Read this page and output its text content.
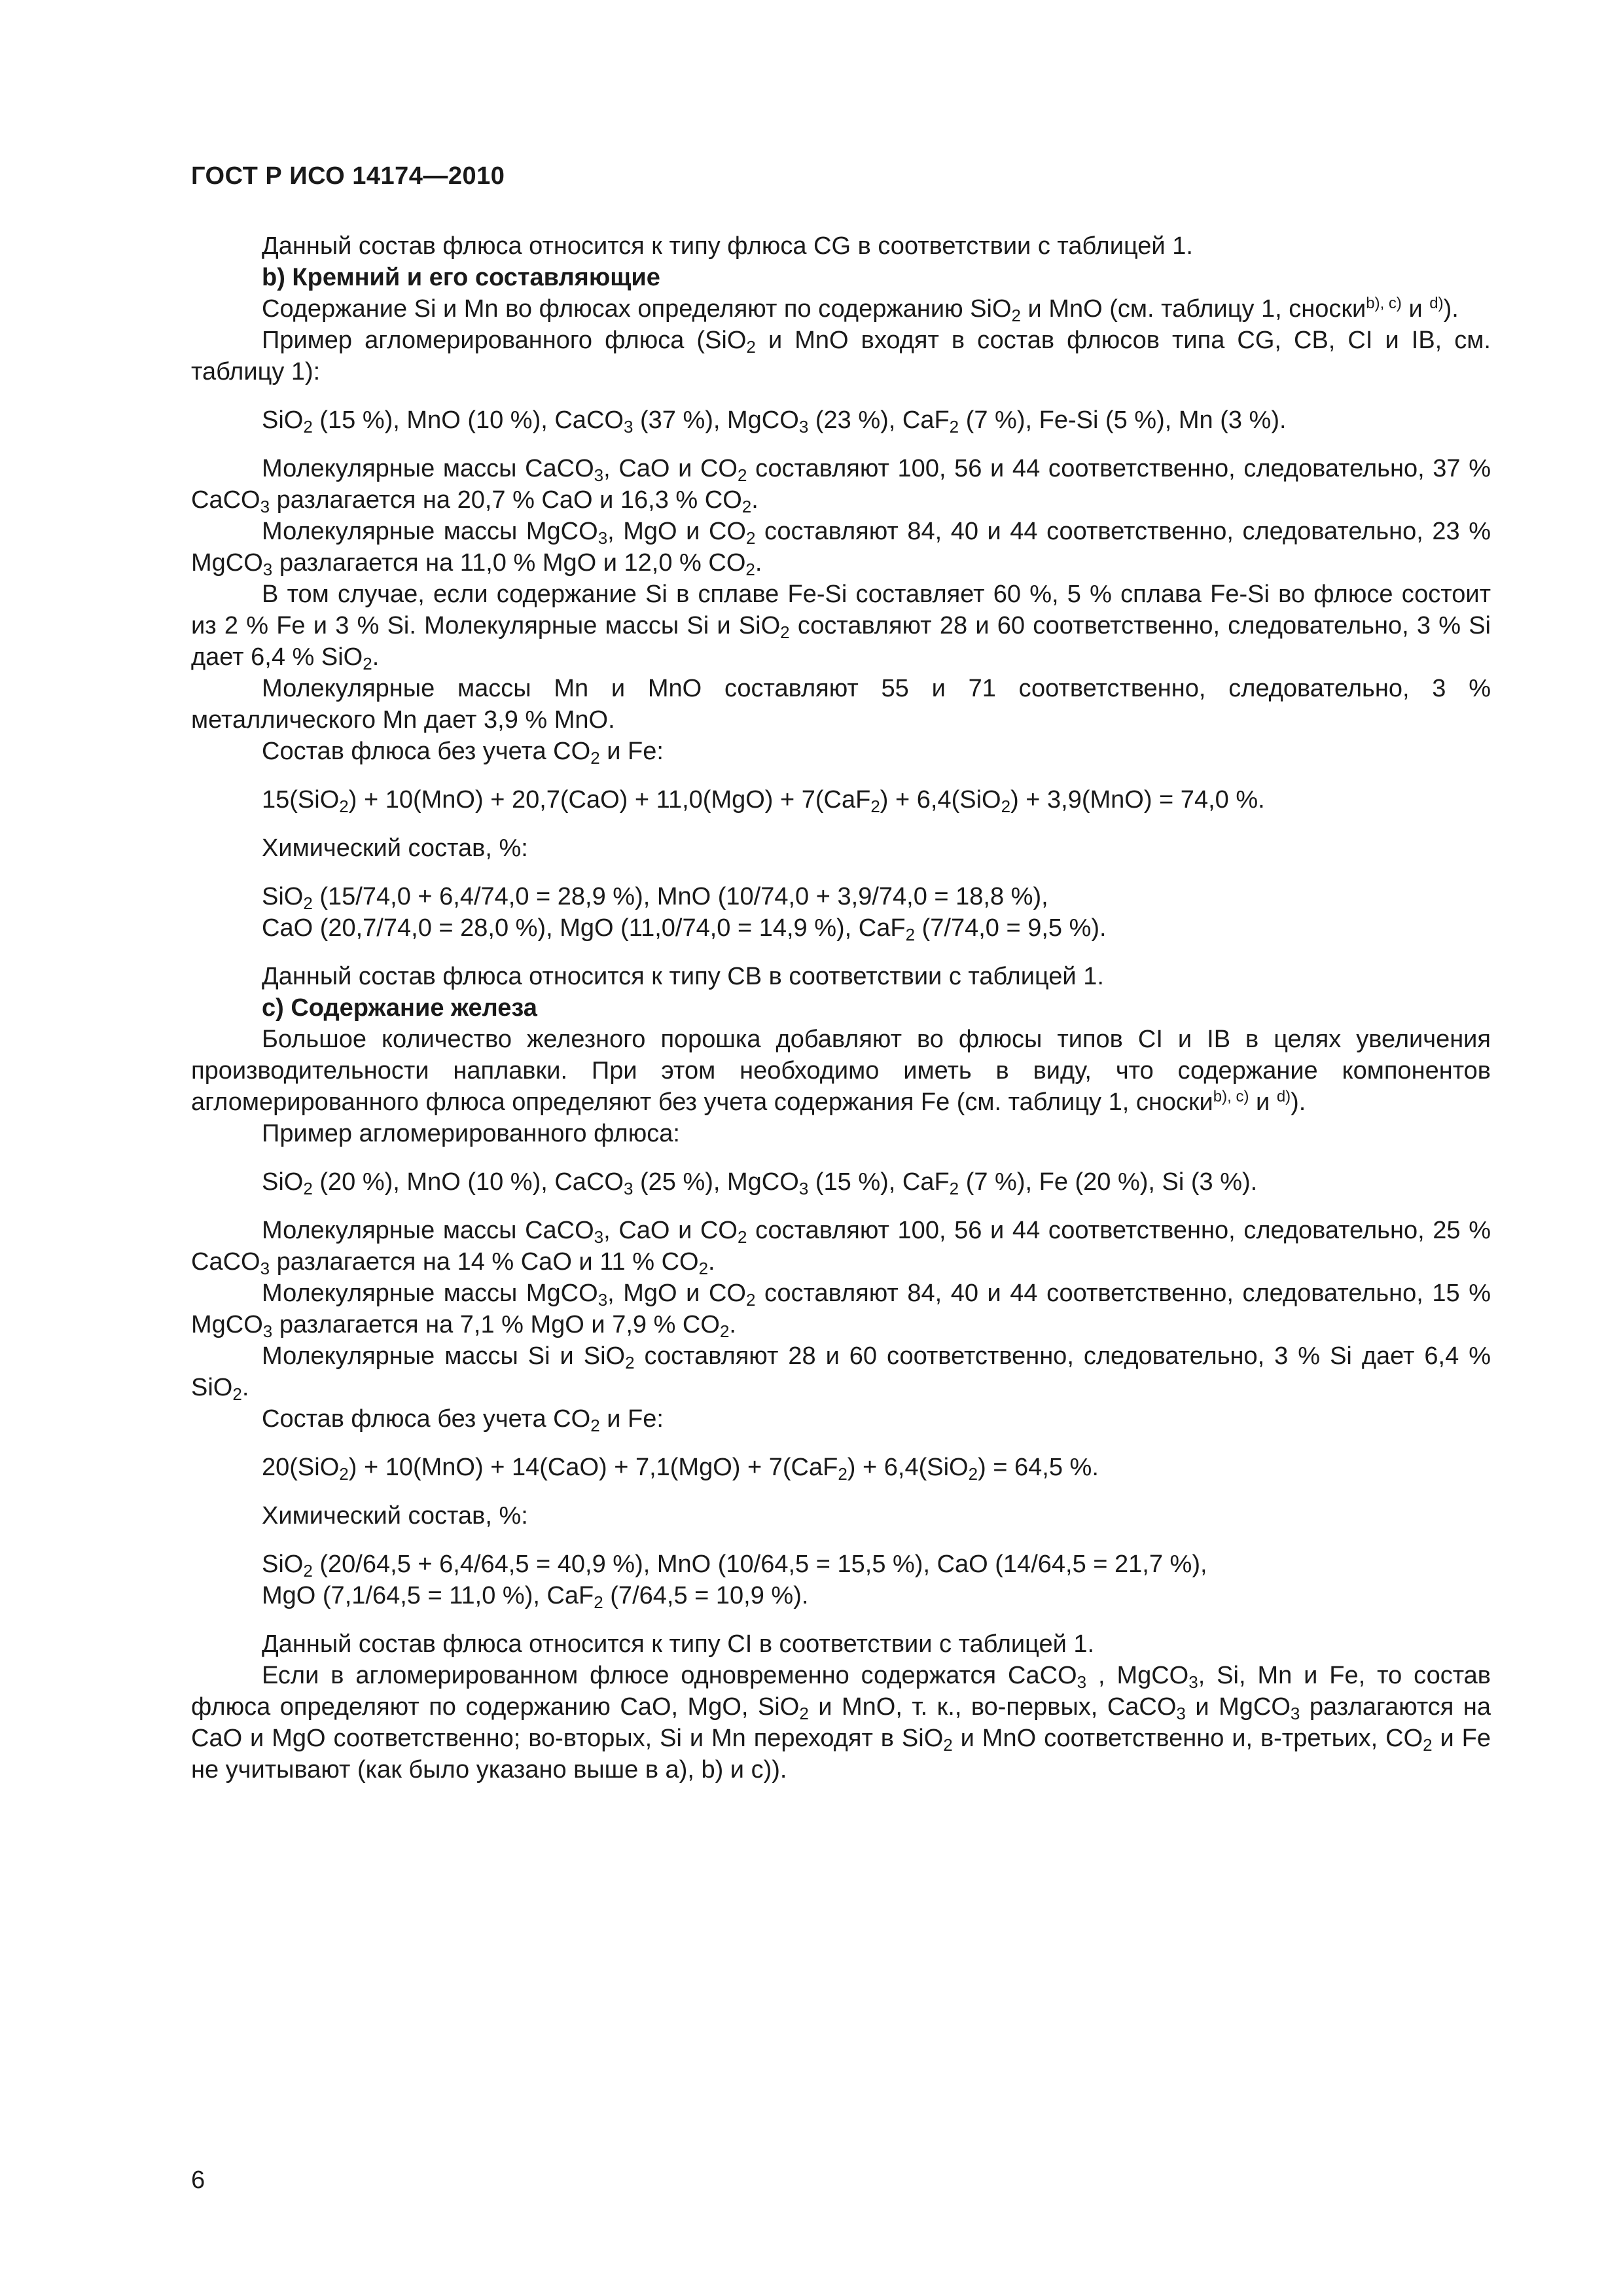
ГОСТ Р ИСО 14174—2010

Данный состав флюса относится к типу флюса CG в соответствии с таблицей 1.

b) Кремний и его составляющие

Содержание Si и Mn во флюсах определяют по содержанию SiO$_2$ и MnO (см. таблицу 1, сноски$^{b), c)}$ и $^{d)}$).

Пример агломерированного флюса (SiO$_2$ и MnO входят в состав флюсов типа CG, CB, CI и IB, см. таблицу 1):

SiO$_2$ (15 %), MnO (10 %), CaCO$_3$ (37 %), MgCO$_3$ (23 %), CaF$_2$ (7 %), Fe-Si (5 %), Mn (3 %).

Молекулярные массы CaCO$_3$, CaO и $CO_2$ составляют 100, 56 и 44 соответственно, следовательно, 37 % CaCO$_3$ разлагается на 20,7 % CaO и 16,3 % $CO_2$.

Молекулярные массы MgCO$_3$, MgO и $CO_2$ составляют 84, 40 и 44 соответственно, следовательно, 23 % MgCO$_3$ разлагается на 11,0 % MgO и 12,0 % $CO_2$.

В том случае, если содержание Si в сплаве Fe-Si составляет 60 %, 5 % сплава Fe-Si во флюсе состоит из 2 % Fe и 3 % Si. Молекулярные массы Si и SiO$_2$ составляют 28 и 60 соответственно, следовательно, 3 % Si дает 6,4 % SiO$_2$.

Молекулярные массы Mn и MnO составляют 55 и 71 соответственно, следовательно, 3 % металлического Mn дает 3,9 % MnO.

Состав флюса без учета $CO_2$ и Fe:

15(SiO$_2$) + 10(MnO) + 20,7(CaO) + 11,0(MgO) + 7(CaF$_2$) + 6,4(SiO$_2$) + 3,9(MnO) = 74,0 %.

Химический состав, %:

SiO$_2$ (15/74,0 + 6,4/74,0 = 28,9 %), MnO (10/74,0 + 3,9/74,0 = 18,8 %),

CaO (20,7/74,0 = 28,0 %), MgO (11,0/74,0 = 14,9 %), CaF$_2$ (7/74,0 = 9,5 %).

Данный состав флюса относится к типу CB в соответствии с таблицей 1.

c) Содержание железа

Большое количество железного порошка добавляют во флюсы типов CI и IB в целях увеличения производительности наплавки. При этом необходимо иметь в виду, что содержание компонентов агломерированного флюса определяют без учета содержания Fe (см. таблицу 1, сноски$^{b), c)}$ и $^{d)}$).

Пример агломерированного флюса:

SiO$_2$ (20 %), MnO (10 %), CaCO$_3$ (25 %), MgCO$_3$ (15 %), CaF$_2$ (7 %), Fe (20 %), Si (3 %).

Молекулярные массы CaCO$_3$, CaO и $CO_2$ составляют 100, 56 и 44 соответственно, следовательно, 25 % CaCO$_3$ разлагается на 14 % CaO и 11 % $CO_2$.

Молекулярные массы MgCO$_3$, MgO и $CO_2$ составляют 84, 40 и 44 соответственно, следовательно, 15 % MgCO$_3$ разлагается на 7,1 % MgO и 7,9 % $CO_2$.

Молекулярные массы Si и SiO$_2$ составляют 28 и 60 соответственно, следовательно, 3 % Si дает 6,4 % SiO$_2$.

Состав флюса без учета $CO_2$ и Fe:

20(SiO$_2$) + 10(MnO) + 14(CaO) + 7,1(MgO) + 7(CaF$_2$) + 6,4(SiO$_2$) = 64,5 %.

Химический состав, %:

SiO$_2$ (20/64,5 + 6,4/64,5 = 40,9 %), MnO (10/64,5 = 15,5 %), CaO (14/64,5 = 21,7 %),

MgO (7,1/64,5 = 11,0 %), CaF$_2$ (7/64,5 = 10,9 %).

Данный состав флюса относится к типу CI в соответствии с таблицей 1.

Если в агломерированном флюсе одновременно содержатся CaCO$_3$ , MgCO$_3$, Si, Mn и Fe, то состав флюса определяют по содержанию CaO, MgO, SiO$_2$ и MnO, т. к., во-первых, CaCO$_3$ и MgCO$_3$ разлагаются на CaO и MgO соответственно; во-вторых, Si и Mn переходят в SiO$_2$ и MnO соответственно и, в-третьих, $CO_2$ и Fe не учитывают (как было указано выше в a), b) и c)).

6
